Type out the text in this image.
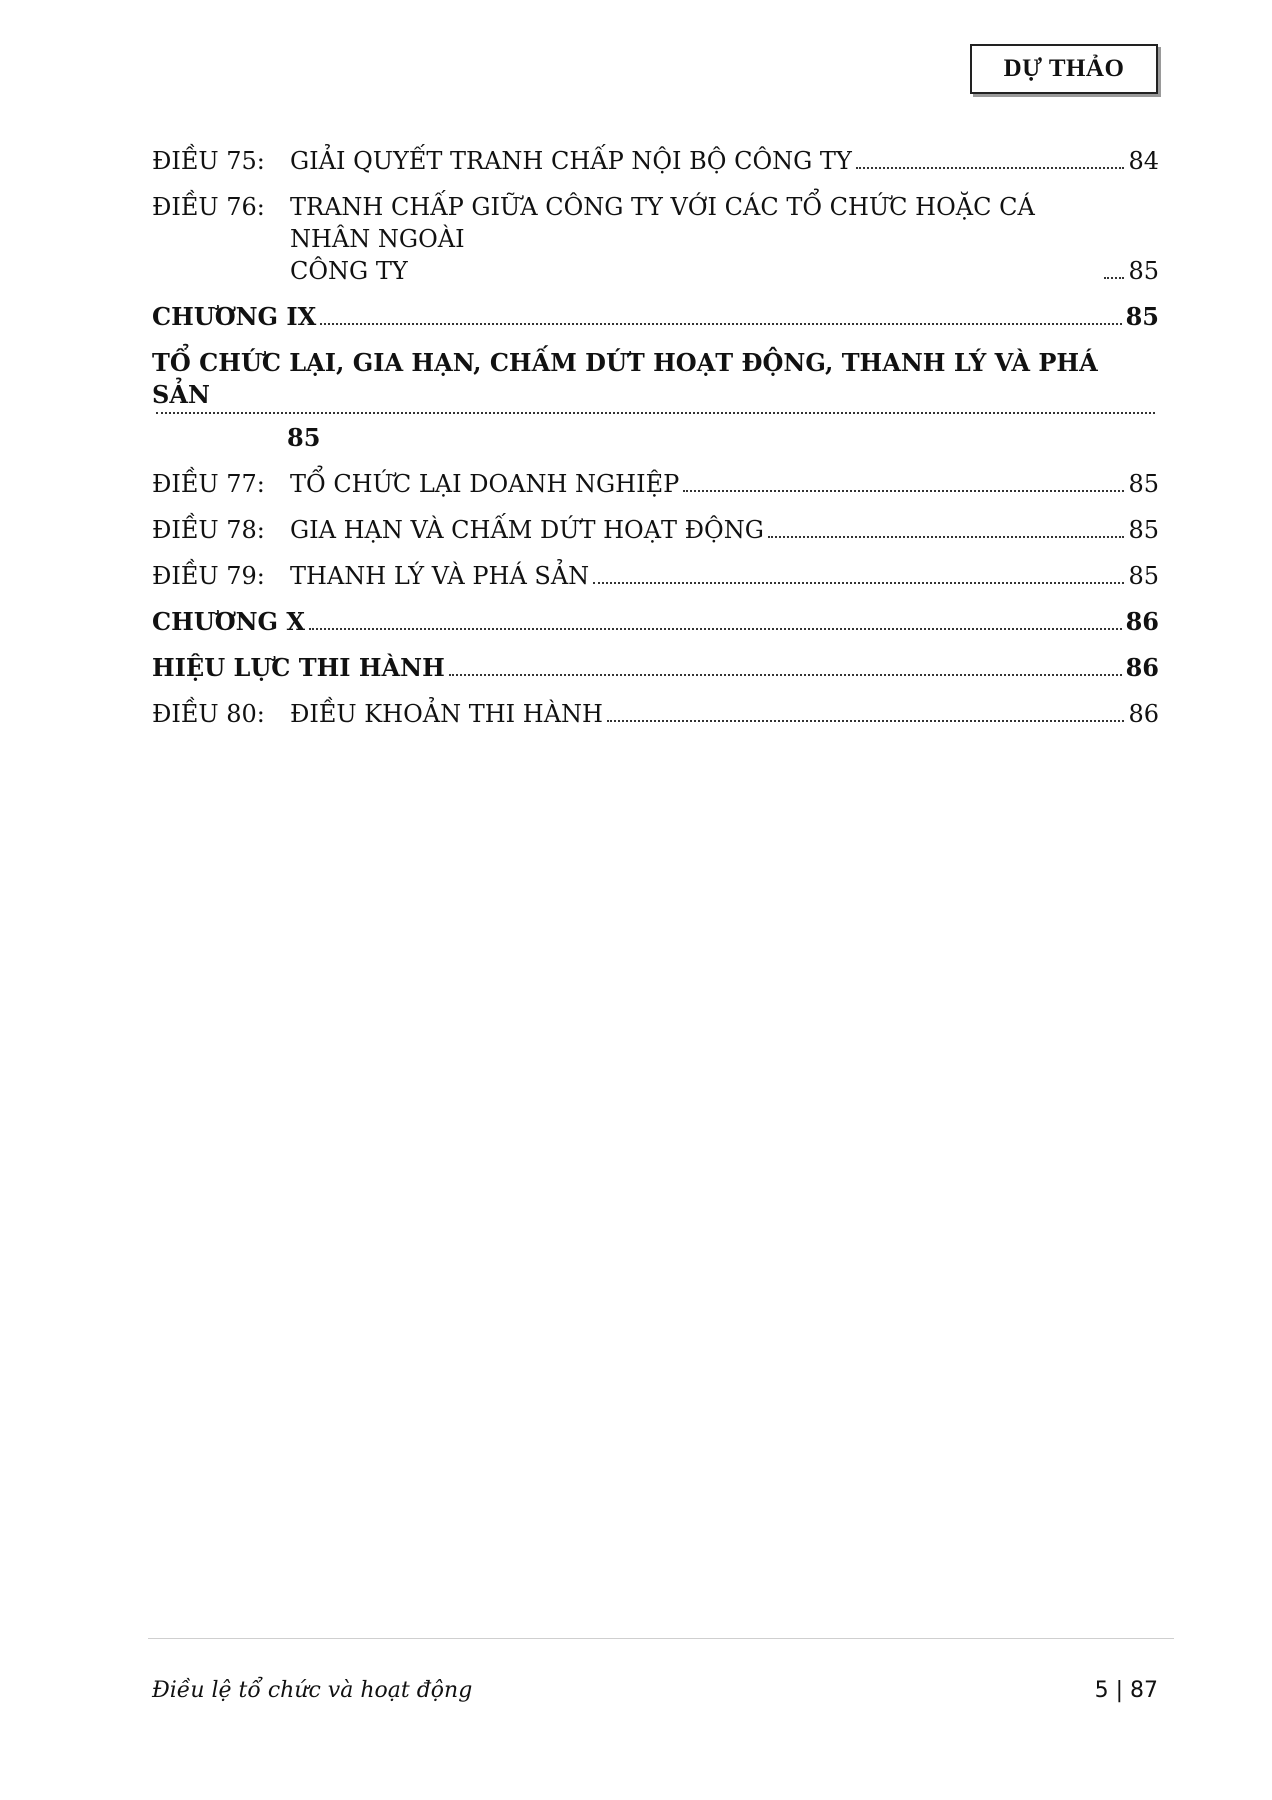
DỰ THẢO
ĐIỀU 75:	GIẢI QUYẾT TRANH CHẤP NỘI BỘ CÔNG TY	84
ĐIỀU 76:	TRANH CHẤP GIỮA CÔNG TY VỚI CÁC TỔ CHỨC HOẶC CÁ NHÂN NGOÀI
CÔNG TY	85
CHƯƠNG IX	85
TỔ CHỨC LẠI, GIA HẠN, CHẤM DỨT HOẠT ĐỘNG, THANH LÝ VÀ PHÁ SẢN
85
ĐIỀU 77:	TỔ CHỨC LẠI DOANH NGHIỆP	85
ĐIỀU 78:	GIA HẠN VÀ CHẤM DỨT HOẠT ĐỘNG	85
ĐIỀU 79:	THANH LÝ VÀ PHÁ SẢN	85
CHƯƠNG X	86
HIỆU LỰC THI HÀNH	86
ĐIỀU 80:	ĐIỀU KHOẢN THI HÀNH	86
Điều lệ tổ chức và hoạt động	5 | 87
